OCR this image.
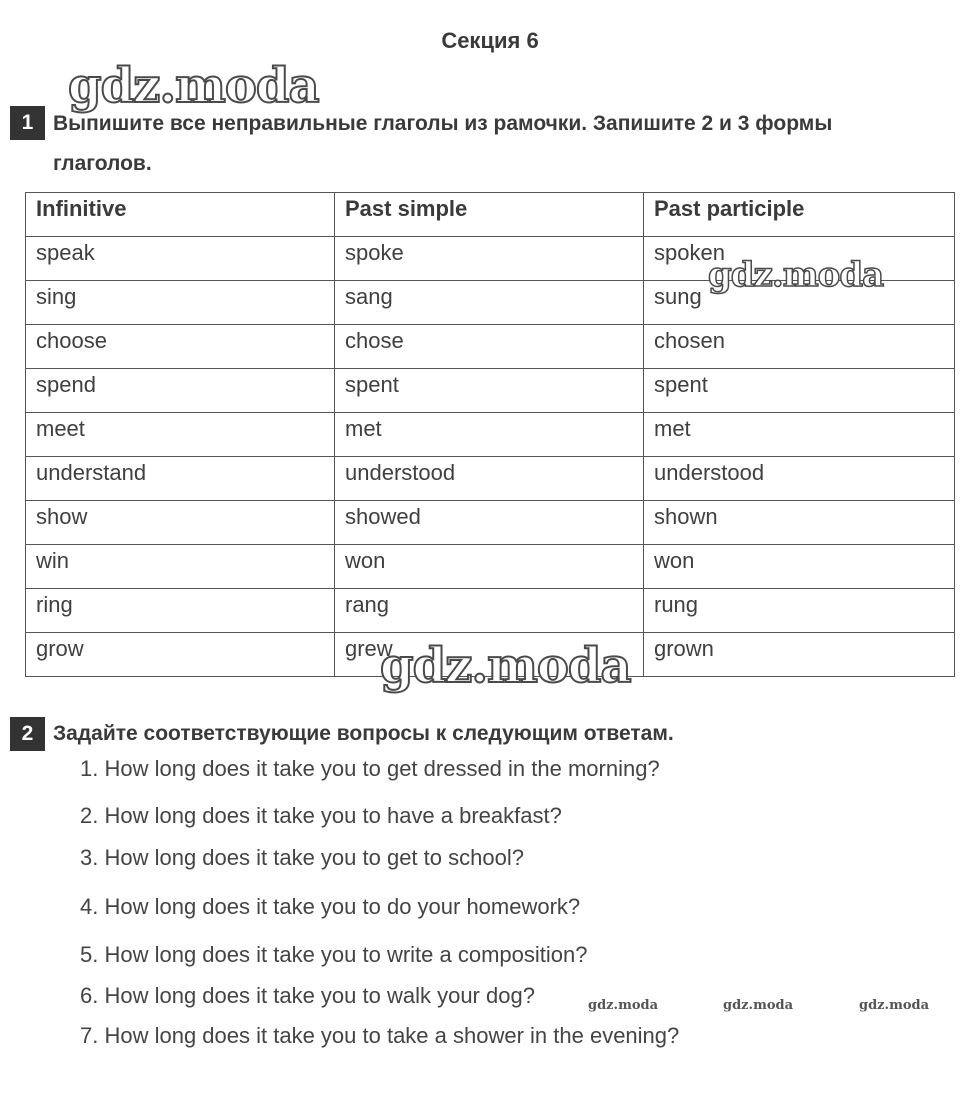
Секция 6
gdz.moda
1 Выпишите все неправильные глаголы из рамочки. Запишите 2 и 3 формы
глаголов.
Infinitive	Past simple	Past participle
speak	spoke	spoken
sing	sang	sung
choose	chose	chosen
spend	spent	spent
meet	met	met
understand	understood	understood
show	showed	shown
win	won	won
ring	rang	rung
grow	grew	grown
gdz.moda
gdz.moda
2 Задайте соответствующие вопросы к следующим ответам.
1. How long does it take you to get dressed in the morning?
2. How long does it take you to have a breakfast?
3. How long does it take you to get to school?
4. How long does it take you to do your homework?
5. How long does it take you to write a composition?
6. How long does it take you to walk your dog?
7. How long does it take you to take a shower in the evening?
gdz.moda	gdz.moda	gdz.moda
